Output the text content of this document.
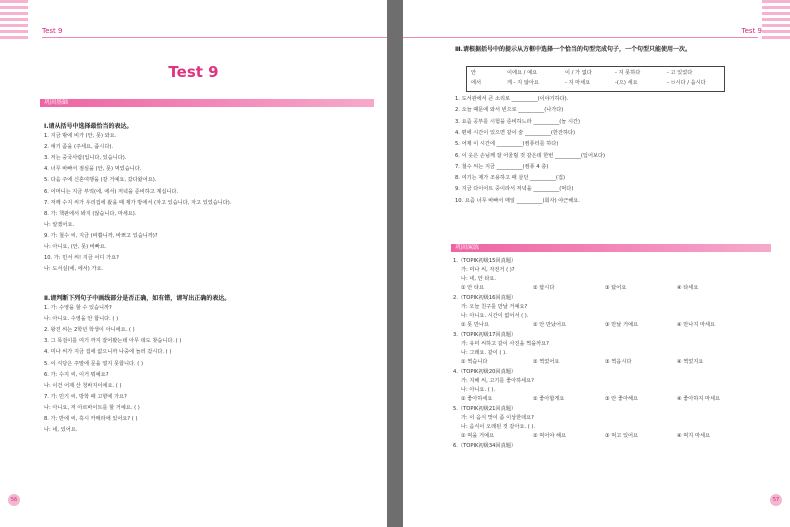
Test 9
Test 9
巩固基础
Ⅰ.请从括号中选择最恰当的表达。
Ⅱ.请判断下列句子中画线部分是否正确，如有错，请写出正确的表达。
56
1. 지금 밖에 비가 (안, 못) 와요.
2. 얘기 좀을 (주세요, 줍시다).
3. 저는 중국사람(입니다, 있습니다).
4. 너무 바빠서 점심을 (안, 못) 먹었습니다.
5. 다음 주에 신혼여행을 (갈 거예요, 갔다왔어요).
6. 어머니는 지금 부엌(에, 에서) 저녁을 준비하고 계십니다.
7. 저께 수지 씨가 우리집에 왔을 때 제가 방에서 (자고 있습니다, 자고 있었습니다).
8. 가: 책판에서 봐지 (않습니다, 마세요).
나: 알겠어요.
9. 가: 철수 씨, 지금 (바쁩니까, 바쁘고 있습니까)?
나: 아니요, (안, 못) 바빠요.
10. 가: 민서 씨! 지금 어디 가요?
나: 도서실(에, 에서) 가요.
1. 가: 수영을 할 수 있습니까?
나: 아니요. 수영을 안 합니다. ( )
2. 왕진 씨는 2학년 학생이 아니에요. ( )
3. 그 목걸이를 여기 까지 잘어봤는데 아무 데도 찾습니다. ( )
4. 미나 씨가 지금 집에 없으니까 나중에 놀러 갔시다. ( )
5. 이 식당은 주말에 문을 열지 못합니다. ( )
6. 가: 수지 씨, 이거 뭐예요?
나: 이건 어제 산 청바지이에요. ( )
7. 가: 민기 씨, 방학 때 고향에 가요?
나: 아니요, 저 아르바이트를 할 거예요. ( )
8. 가: 반에 씨, 혹시 카메라에 있어요? ( )
나: 네, 있어요.
Test 9
Ⅲ.请根据括号中的提示从方框中选择一个恰当的句型完成句子，一个句型只能使用一次。
巩固演练
57
1. 도서관에서 큰 소리로 __________(이야기하다).
2. 오늘 때문에 와서 빈으로 __________(나가다)
3. 요즘 공부를 시험을 준비하느라 __________(놀 시간)
4. 편에 시간이 있으면 같이 술 __________(한잔하다)
5. 어제 이 시간에 __________(컴퓨터를 하다)
6. 이 옷은 손님께 잘 어울릴 것 같은데 한번 __________(입어보다)
7. 철수 씨는 지금 __________(컴퓨 4 층)
8. 여기는 제가 조용하고 때 살던 __________(집)
9. 지금 다이어트 중이라서 저녁을 __________(먹다)
10. 요즘 너무 바빠서 매일 __________(회사) 야근해요.
1.（TOPIK初级15回真题）
가: 미나 씨, 자전거 ( )?
나: 네, 안 타요.
① 안 타요	② 탑시다	③ 탔어요	④ 타세요
2.（TOPIK初级16回真题）
가: 오늘 친구를 만날 거예요?
나: 아니요. 시간이 없어서 ( ).
① 못 만나요	② 안 만났어요	③ 만날 거예요	④ 만나지 마세요
3.（TOPIK初级17回真题）
가: 유미 씨하고 같이 사진을 찍을까요?
나: 그래요. 같이 ( ).
① 찍습니다	② 찍었어요	③ 찍읍시다	④ 찍었지요
4.（TOPIK初级20回真题）
가: 지해 씨, 고기를 좋아하세요?
나: 아니요. ( ).
① 좋아하세요	② 좋아합게요	③ 안 좋아해요	④ 좋아하지 마세요
5.（TOPIK初级21回真题）
가: 이 음식 맛이 좀 이상한데요?
나: 음식이 오래된 것 같아요. ( ).
① 먹을 거예요	② 먹어야 해요	③ 먹고 있어요	④ 먹지 마세요
6.（TOPIK初级34回真题）
안	이에요 / 예요	이 / 가 없다	- 지 못하다	- 고 있었다
에서	게 - 지 않아요	- 지 마세요	-(으) 세요	- ㅂ시다 / 읍시다
